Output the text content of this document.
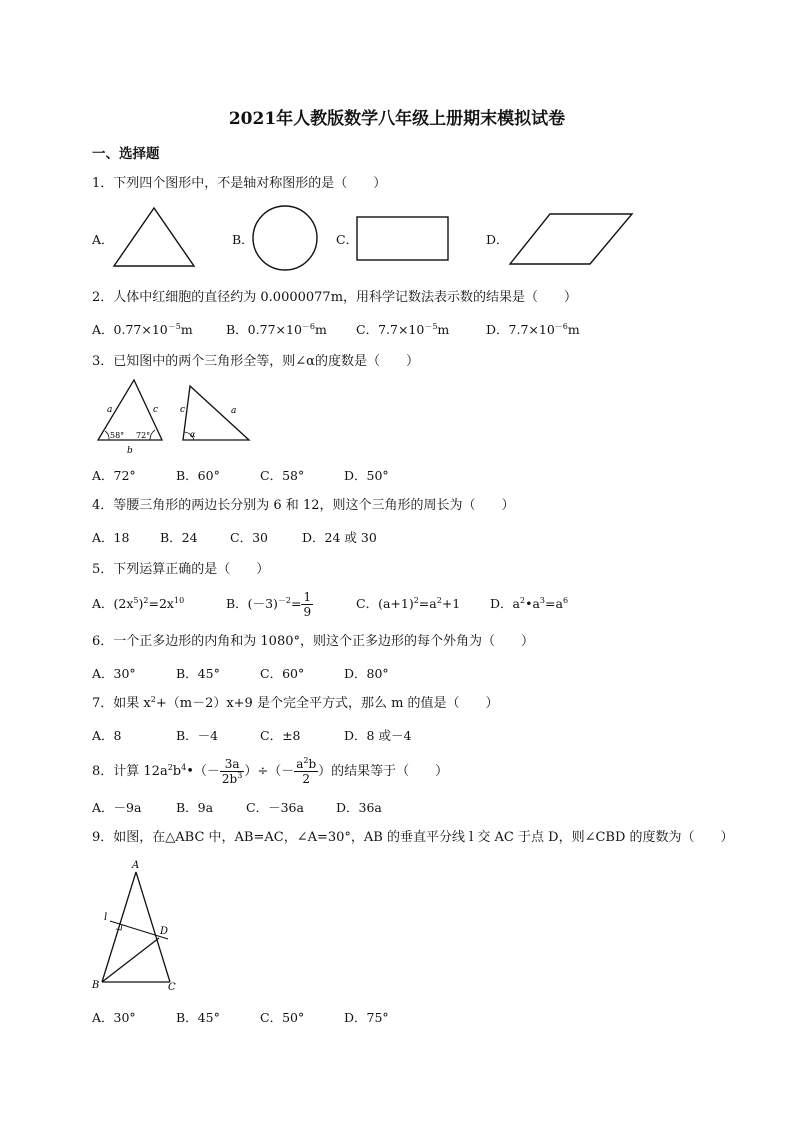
2021年人教版数学八年级上册期末模拟试卷
一、选择题
1．下列四个图形中，不是轴对称图形的是（　　）
A．	B．	C．	D．
2．人体中红细胞的直径约为 0.0000077m，用科学记数法表示数的结果是（　　）
A．$0.77\times 10^{-5}m$	B．$0.77\times 10^{-6}m$ C．$7.7\times 10^{-5}m$	D．$7.7\times 10^{-6}m$
3．已知图中的两个三角形全等，则∠α的度数是（　　）
a	c
b
58° 72°
c	a
α
A．72°	B．60°	C．58°	D．50°
4．等腰三角形的两边长分别为 6 和 12，则这个三角形的周长为（　　）
A．18 B．24	C．30	D．24 或 30
5．下列运算正确的是（　　）
A．$(2x^5)^2=2x^{10}$	B．$(-3)^{-2}= \frac{1}{9}$	C．$(a+1)^2=a^2+1$ D．$a^2•a^3=a^6$
6．一个正多边形的内角和为 1080°，则这个正多边形的每个外角为（　　）
A．30°	B．45°	C．60°	D．80°
7．如果 $x^2+(m-2)x+9$ 是个完全平方式，那么 m 的值是（　　）
A．8	B．－4	C．±8	D．8 或－4
8．计算 $12a^2b^4•(- \frac{3a}{2b^3}$ ）÷（－ $\frac{a^2b}{2}$ ）的结果等于（　　）
A．－9a	B．9a	C．－36a	D．36a
9．如图，在△ABC 中，AB=AC，∠A=30°，AB 的垂直平分线 l 交 AC 于点 D，则∠CBD 的度数为（　　）
A
B	C
D
l
A．30°	B．45°	C．50°	D．75°
